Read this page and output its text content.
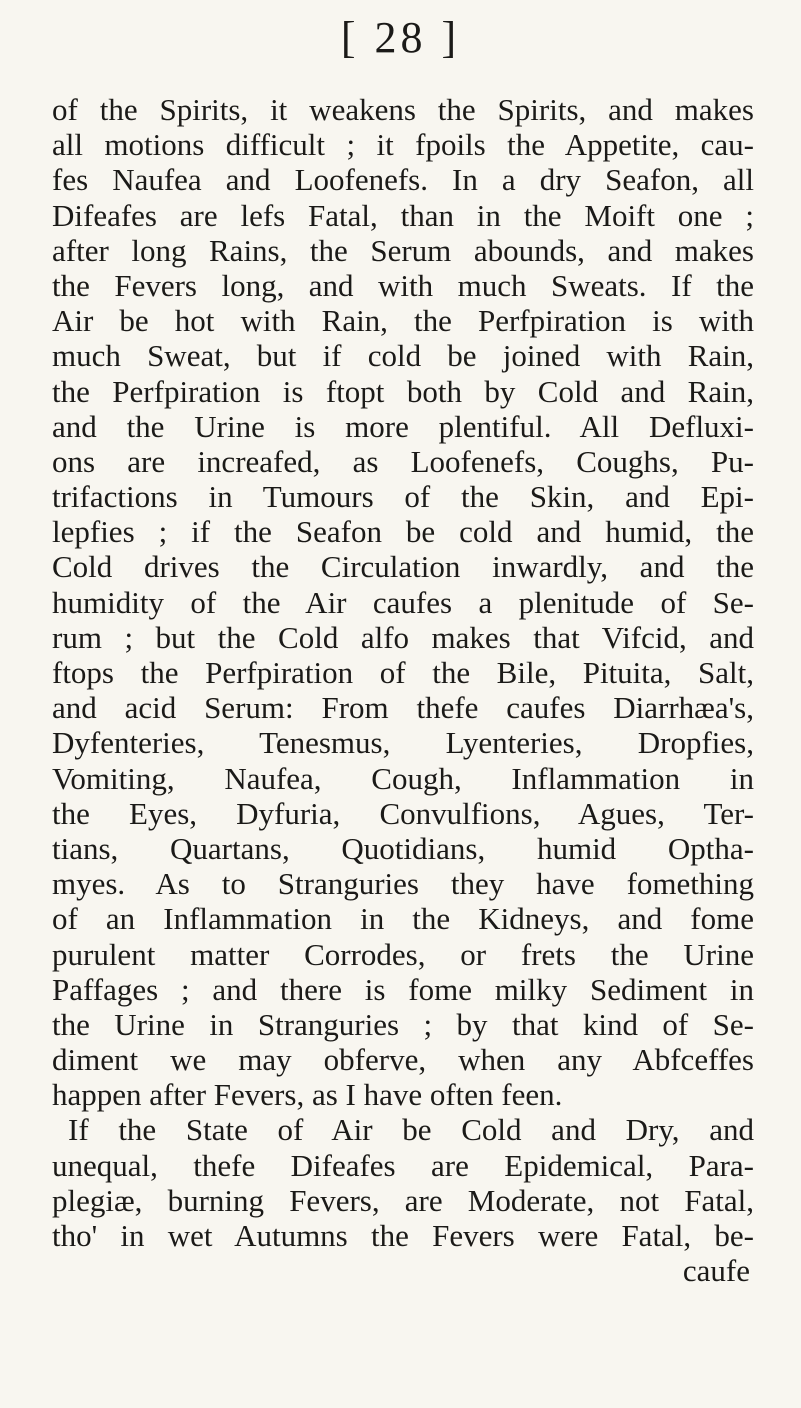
[ 28 ]
of the Spirits, it weakens the Spirits, and makes
all motions difficult ; it fpoils the Appetite, cau-
fes Naufea and Loofenefs. In a dry Seafon, all
Difeafes are lefs Fatal, than in the Moift one ;
after long Rains, the Serum abounds, and makes
the Fevers long, and with much Sweats. If the
Air be hot with Rain, the Perfpiration is with
much Sweat, but if cold be joined with Rain,
the Perfpiration is ftopt both by Cold and Rain,
and the Urine is more plentiful. All Defluxi-
ons are increafed, as Loofenefs, Coughs, Pu-
trifactions in Tumours of the Skin, and Epi-
lepfies ; if the Seafon be cold and humid, the
Cold drives the Circulation inwardly, and the
humidity of the Air caufes a plenitude of Se-
rum ; but the Cold alfo makes that Vifcid, and
ftops the Perfpiration of the Bile, Pituita, Salt,
and acid Serum: From thefe caufes Diarrhæa's,
Dyfenteries, Tenesmus, Lyenteries, Dropfies,
Vomiting, Naufea, Cough, Inflammation in
the Eyes, Dyfuria, Convulfions, Agues, Ter-
tians, Quartans, Quotidians, humid Optha-
myes. As to Stranguries they have fomething
of an Inflammation in the Kidneys, and fome
purulent matter Corrodes, or frets the Urine
Paffages ; and there is fome milky Sediment in
the Urine in Stranguries ; by that kind of Se-
diment we may obferve, when any Abfceffes
happen after Fevers, as I have often feen.
If the State of Air be Cold and Dry, and
unequal, thefe Difeafes are Epidemical, Para-
plegiæ, burning Fevers, are Moderate, not Fatal,
tho' in wet Autumns the Fevers were Fatal, be-
caufe
